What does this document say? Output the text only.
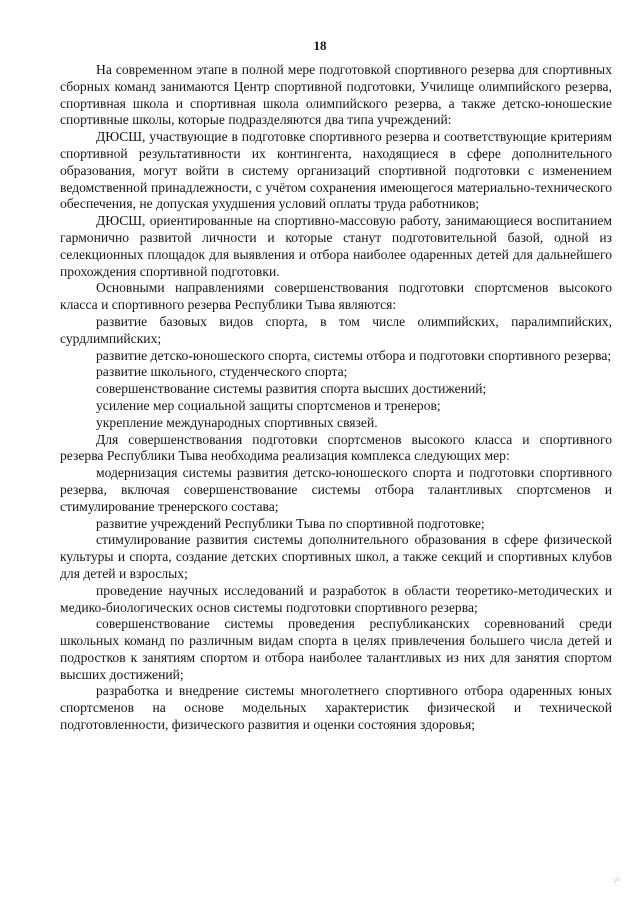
18

На современном этапе в полной мере подготовкой спортивного резерва для спортивных сборных команд занимаются Центр спортивной подготовки, Училище олимпийского резерва, спортивная школа и спортивная школа олимпийского резерва, а также детско-юношеские спортивные школы, которые подразделяются два типа учреждений:

ДЮСШ, участвующие в подготовке спортивного резерва и соответствующие критериям спортивной результативности их контингента, находящиеся в сфере дополнительного образования, могут войти в систему организаций спортивной подготовки с изменением ведомственной принадлежности, с учётом сохранения имеющегося материально-технического обеспечения, не допуская ухудшения условий оплаты труда работников;

ДЮСШ, ориентированные на спортивно-массовую работу, занимающиеся воспитанием гармонично развитой личности и которые станут подготовительной базой, одной из селекционных площадок для выявления и отбора наиболее одаренных детей для дальнейшего прохождения спортивной подготовки.

Основными направлениями совершенствования подготовки спортсменов высокого класса и спортивного резерва Республики Тыва являются:

развитие базовых видов спорта, в том числе олимпийских, паралимпийских, сурдлимпийских;

развитие детско-юношеского спорта, системы отбора и подготовки спортивного резерва;

развитие школьного, студенческого спорта;

совершенствование системы развития спорта высших достижений;

усиление мер социальной защиты спортсменов и тренеров;

укрепление международных спортивных связей.

Для совершенствования подготовки спортсменов высокого класса и спортивного резерва Республики Тыва необходима реализация комплекса следующих мер:

модернизация системы развития детско-юношеского спорта и подготовки спортивного резерва, включая совершенствование системы отбора талантливых спортсменов и стимулирование тренерского состава;

развитие учреждений Республики Тыва по спортивной подготовке;

стимулирование развития системы дополнительного образования в сфере физической культуры и спорта, создание детских спортивных школ, а также секций и спортивных клубов для детей и взрослых;

проведение научных исследований и разработок в области теоретико-методических и медико-биологических основ системы подготовки спортивного резерва;

совершенствование системы проведения республиканских соревнований среди школьных команд по различным видам спорта в целях привлечения большего числа детей и подростков к занятиям спортом и отбора наиболее талантливых из них для занятия спортом высших достижений;

разработка и внедрение системы многолетнего спортивного отбора одаренных юных спортсменов на основе модельных характеристик физической и технической подготовленности, физического развития и оценки состояния здоровья;

·/·
